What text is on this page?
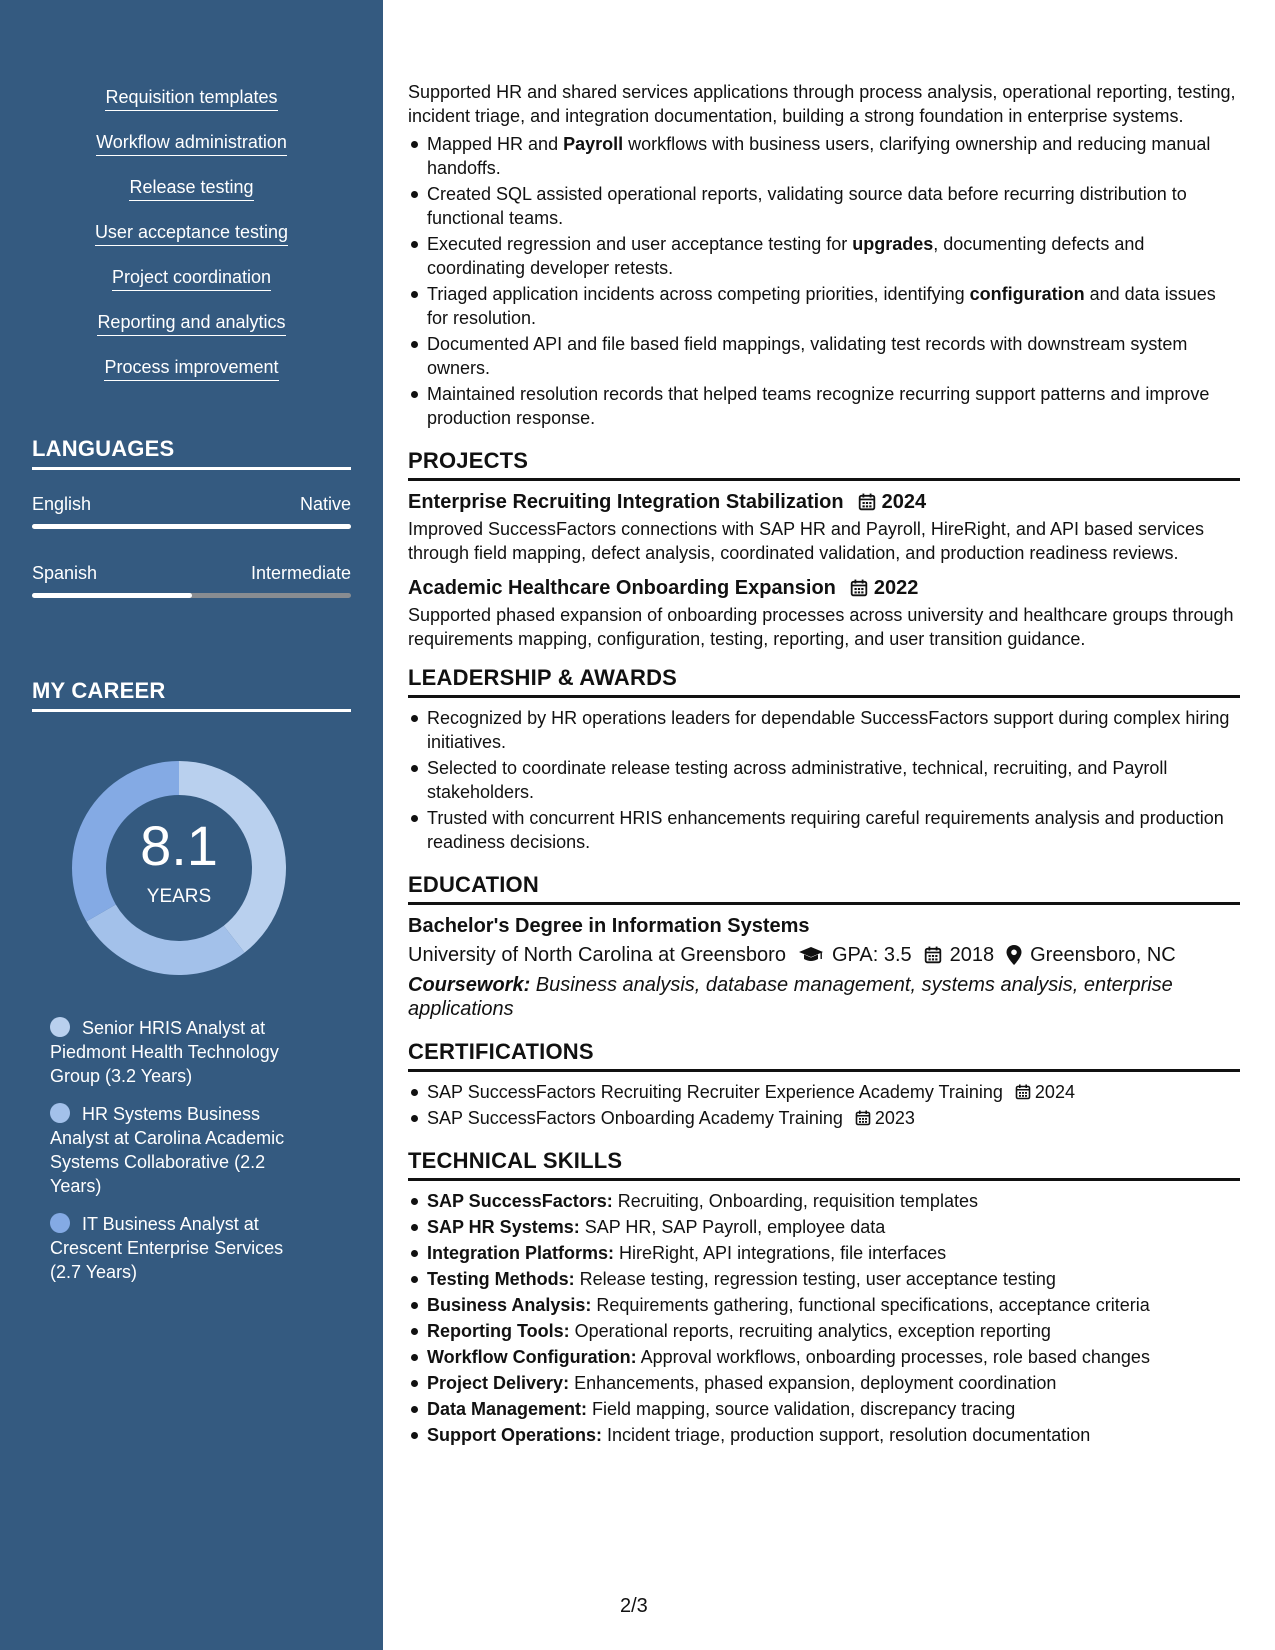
Requisition templates
Workflow administration
Release testing
User acceptance testing
Project coordination
Reporting and analytics
Process improvement
LANGUAGES
English	Native
Spanish	Intermediate
MY CAREER
8.1
YEARS
Senior HRIS Analyst at Piedmont Health Technology Group (3.2 Years)
HR Systems Business Analyst at Carolina Academic Systems Collaborative (2.2 Years)
IT Business Analyst at Crescent Enterprise Services (2.7 Years)

Supported HR and shared services applications through process analysis, operational reporting, testing, incident triage, and integration documentation, building a strong foundation in enterprise systems.

Mapped HR and Payroll workflows with business users, clarifying ownership and reducing manual handoffs.
Created SQL assisted operational reports, validating source data before recurring distribution to functional teams.
Executed regression and user acceptance testing for upgrades, documenting defects and coordinating developer retests.
Triaged application incidents across competing priorities, identifying configuration and data issues for resolution.
Documented API and file based field mappings, validating test records with downstream system owners.
Maintained resolution records that helped teams recognize recurring support patterns and improve production response.
PROJECTS
Enterprise Recruiting Integration Stabilization 2024

Improved SuccessFactors connections with SAP HR and Payroll, HireRight, and API based services through field mapping, defect analysis, coordinated validation, and production readiness reviews.

Academic Healthcare Onboarding Expansion 2022

Supported phased expansion of onboarding processes across university and healthcare groups through requirements mapping, configuration, testing, reporting, and user transition guidance.

LEADERSHIP & AWARDS
Recognized by HR operations leaders for dependable SuccessFactors support during complex hiring initiatives.
Selected to coordinate release testing across administrative, technical, recruiting, and Payroll stakeholders.
Trusted with concurrent HRIS enhancements requiring careful requirements analysis and production readiness decisions.
EDUCATION
Bachelor's Degree in Information Systems
University of North Carolina at Greensboro GPA: 3.5 2018 Greensboro, NC

Coursework: Business analysis, database management, systems analysis, enterprise applications

CERTIFICATIONS
SAP SuccessFactors Recruiting Recruiter Experience Academy Training 2024
SAP SuccessFactors Onboarding Academy Training 2023
TECHNICAL SKILLS
SAP SuccessFactors: Recruiting, Onboarding, requisition templates
SAP HR Systems: SAP HR, SAP Payroll, employee data
Integration Platforms: HireRight, API integrations, file interfaces
Testing Methods: Release testing, regression testing, user acceptance testing
Business Analysis: Requirements gathering, functional specifications, acceptance criteria
Reporting Tools: Operational reports, recruiting analytics, exception reporting
Workflow Configuration: Approval workflows, onboarding processes, role based changes
Project Delivery: Enhancements, phased expansion, deployment coordination
Data Management: Field mapping, source validation, discrepancy tracing
Support Operations: Incident triage, production support, resolution documentation
2/3
